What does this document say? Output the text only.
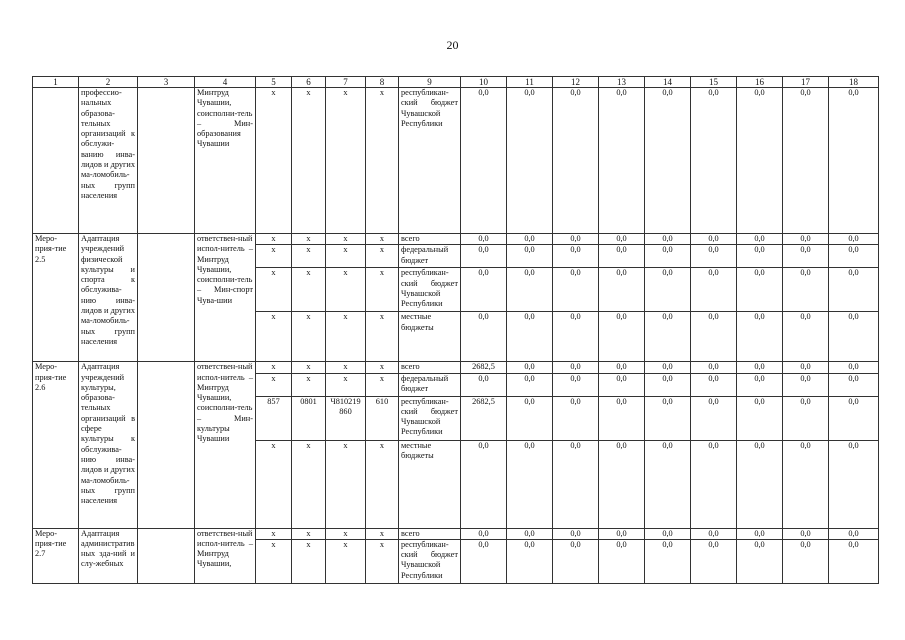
20
1	2	3	4	5	6	7	8	9	10	11	12	13	14	15	16	17	18
	профессио-нальных образова-тельных организаций к обслужи-ванию инва-лидов и других ма-ломобиль-ных групп населения		Минтруд Чувашии, соисполни-тель – Мин-образования Чувашии	x	x	x	x	республикан-ский бюджет Чувашской Республики	0,0	0,0	0,0	0,0	0,0	0,0	0,0	0,0	0,0
Меро-прия-тие 2.5	Адаптация учреждений физической культуры и спорта к обслужива-нию инва-лидов и других ма-ломобиль-ных групп населения		ответствен-ный испол-нитель – Минтруд Чувашии, соисполни-тель – Мин-спорт Чува-шии	x	x	x	x	всего	0,0	0,0	0,0	0,0	0,0	0,0	0,0	0,0	0,0
				x	x	x	x	федеральный бюджет	0,0	0,0	0,0	0,0	0,0	0,0	0,0	0,0	0,0
				x	x	x	x	республикан-ский бюджет Чувашской Республики	0,0	0,0	0,0	0,0	0,0	0,0	0,0	0,0	0,0
				x	x	x	x	местные бюджеты	0,0	0,0	0,0	0,0	0,0	0,0	0,0	0,0	0,0
Меро-прия-тие 2.6	Адаптация учреждений культуры, образова-тельных организаций в сфере культуры к обслужива-нию инва-лидов и других ма-ломобиль-ных групп населения		ответствен-ный испол-нитель – Минтруд Чувашии, соисполни-тель – Мин-культуры Чувашии	x	x	x	x	всего	2682,5	0,0	0,0	0,0	0,0	0,0	0,0	0,0	0,0
				x	x	x	x	федеральный бюджет	0,0	0,0	0,0	0,0	0,0	0,0	0,0	0,0	0,0
				857	0801	Ч810219 860	610	республикан-ский бюджет Чувашской Республики	2682,5	0,0	0,0	0,0	0,0	0,0	0,0	0,0	0,0
				x	x	x	x	местные бюджеты	0,0	0,0	0,0	0,0	0,0	0,0	0,0	0,0	0,0
Меро-прия-тие 2.7	Адаптация административных зда-ний и слу-жебных		ответствен-ный испол-нитель – Минтруд Чувашии,	x	x	x	x	всего	0,0	0,0	0,0	0,0	0,0	0,0	0,0	0,0	0,0
				x	x	x	x	республикан-ский бюджет Чувашской Республики	0,0	0,0	0,0	0,0	0,0	0,0	0,0	0,0	0,0
